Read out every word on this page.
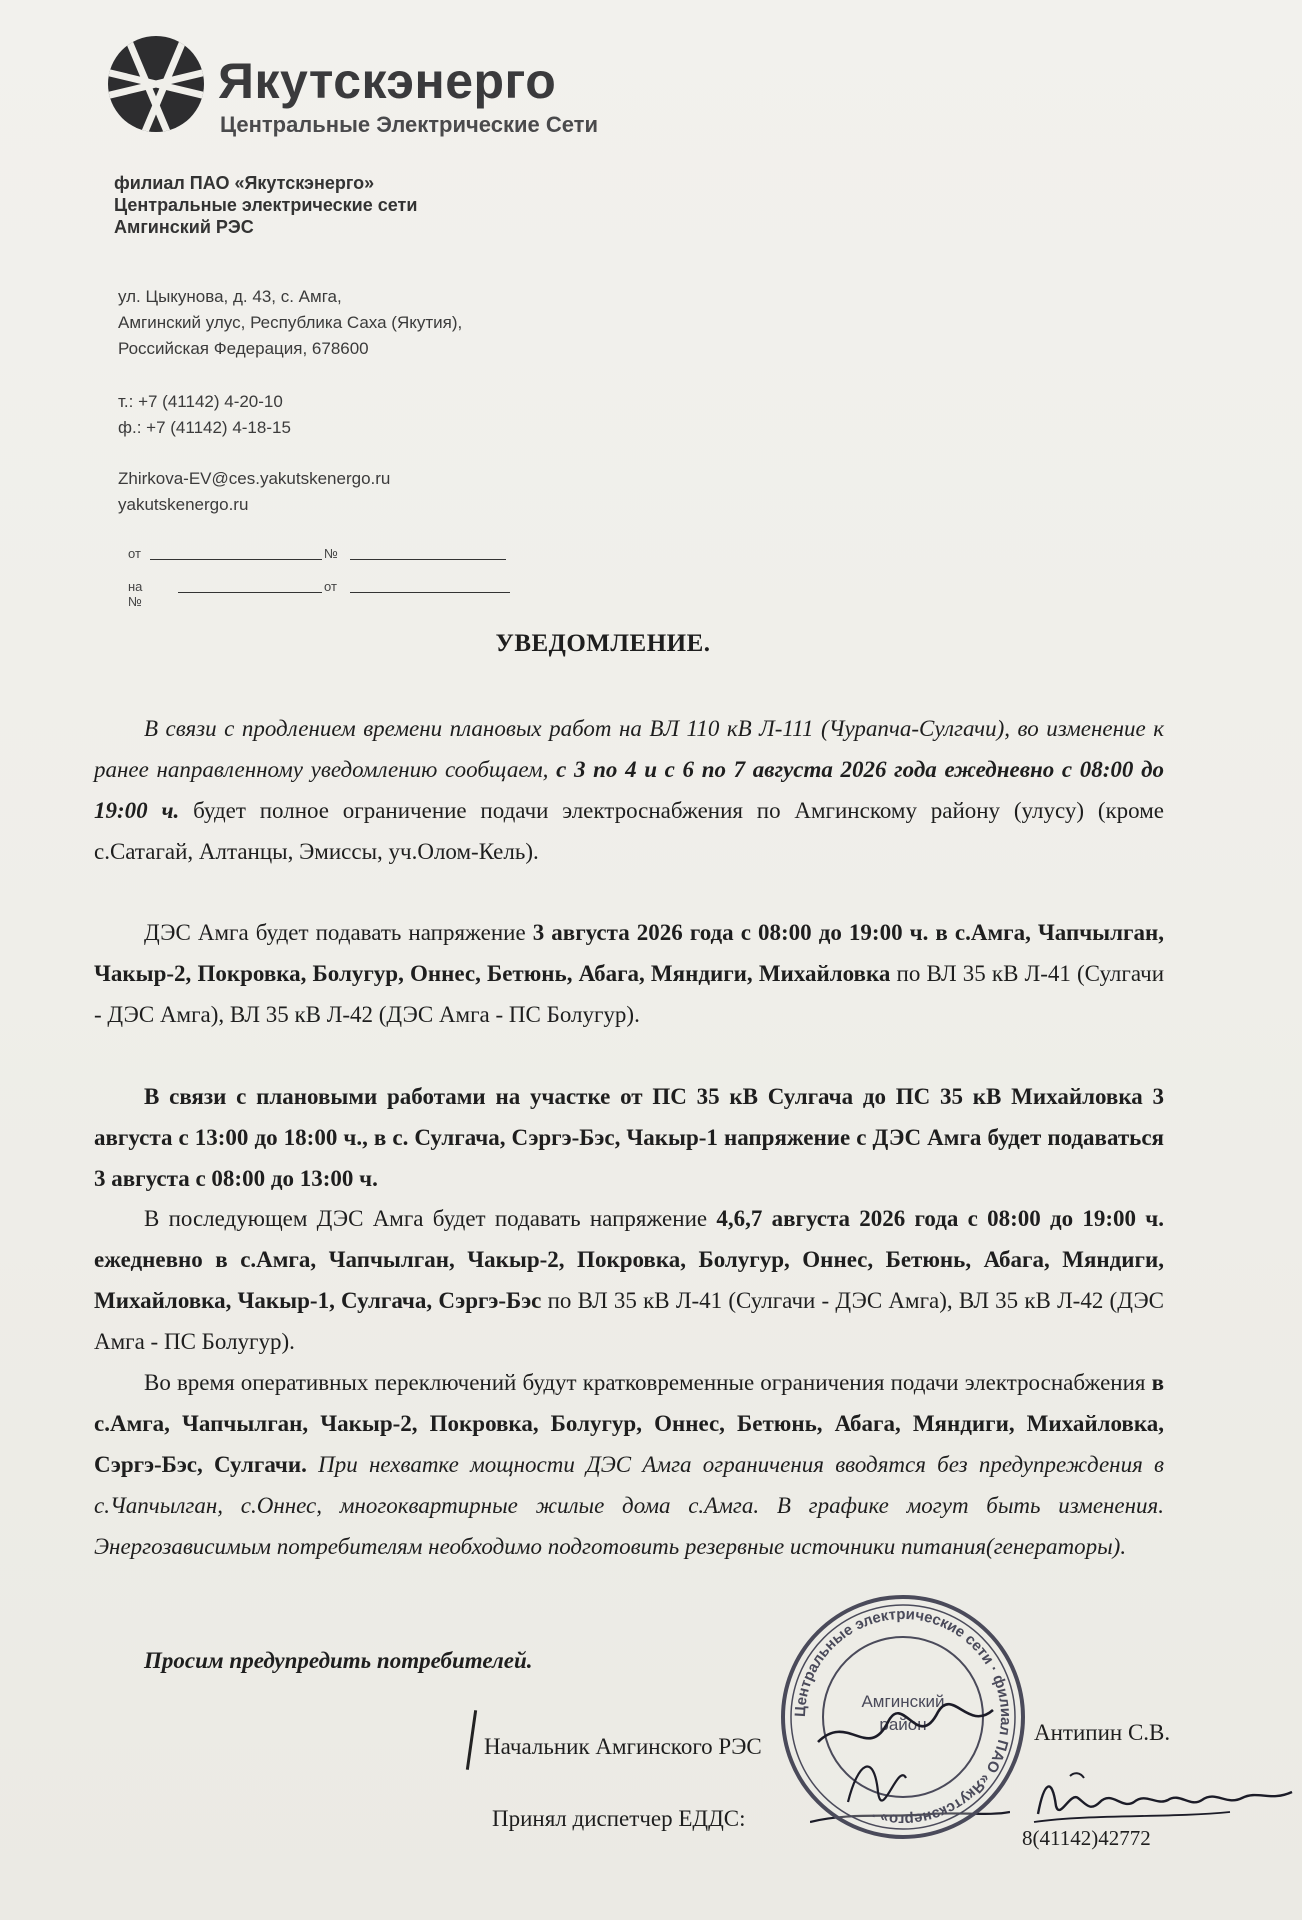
Якутскэнерго
Центральные Электрические Сети
филиал ПАО «Якутскэнерго»
Центральные электрические сети
Амгинский РЭС
ул. Цыкунова, д. 43, с. Амга,
Амгинский улус, Республика Саха (Якутия),
Российская Федерация, 678600
т.: +7 (41142) 4-20-10
ф.: +7 (41142) 4-18-15
Zhirkova-EV@ces.yakutskenergo.ru
yakutskenergo.ru
от	№
на №
от
УВЕДОМЛЕНИЕ.
В связи с продлением времени плановых работ на ВЛ 110 кВ Л-111 (Чурапча-Сулгачи), во изменение к ранее направленному уведомлению сообщаем, с 3 по 4 и с 6 по 7 августа 2026 года ежедневно с 08:00 до 19:00 ч. будет полное ограничение подачи электроснабжения по Амгинскому району (улусу) (кроме с.Сатагай, Алтанцы, Эмиссы, уч.Олом-Кель).
ДЭС Амга будет подавать напряжение 3 августа 2026 года с 08:00 до 19:00 ч. в с.Амга, Чапчылган, Чакыр-2, Покровка, Болугур, Оннес, Бетюнь, Абага, Мяндиги, Михайловка по ВЛ 35 кВ Л-41 (Сулгачи - ДЭС Амга), ВЛ 35 кВ Л-42 (ДЭС Амга - ПС Болугур).
В связи с плановыми работами на участке от ПС 35 кВ Сулгача до ПС 35 кВ Михайловка 3 августа с 13:00 до 18:00 ч., в с. Сулгача, Сэргэ-Бэс, Чакыр-1 напряжение с ДЭС Амга будет подаваться 3 августа с 08:00 до 13:00 ч.
В последующем ДЭС Амга будет подавать напряжение 4,6,7 августа 2026 года с 08:00 до 19:00 ч. ежедневно в с.Амга, Чапчылган, Чакыр-2, Покровка, Болугур, Оннес, Бетюнь, Абага, Мяндиги, Михайловка, Чакыр-1, Сулгача, Сэргэ-Бэс по ВЛ 35 кВ Л-41 (Сулгачи - ДЭС Амга), ВЛ 35 кВ Л-42 (ДЭС Амга - ПС Болугур).
Во время оперативных переключений будут кратковременные ограничения подачи электроснабжения в с.Амга, Чапчылган, Чакыр-2, Покровка, Болугур, Оннес, Бетюнь, Абага, Мяндиги, Михайловка, Сэргэ-Бэс, Сулгачи. При нехватке мощности ДЭС Амга ограничения вводятся без предупреждения в с.Чапчылган, с.Оннес, многоквартирные жилые дома с.Амга. В графике могут быть изменения. Энергозависимым потребителям необходимо подготовить резервные источники питания(генераторы).
Просим предупредить потребителей.
Начальник Амгинского РЭС
Антипин С.В.
Принял диспетчер ЕДДС:
8(41142)42772
Центральные электрические сети · филиал ПАО «Якутскэнерго» ·
Амгинский
район
